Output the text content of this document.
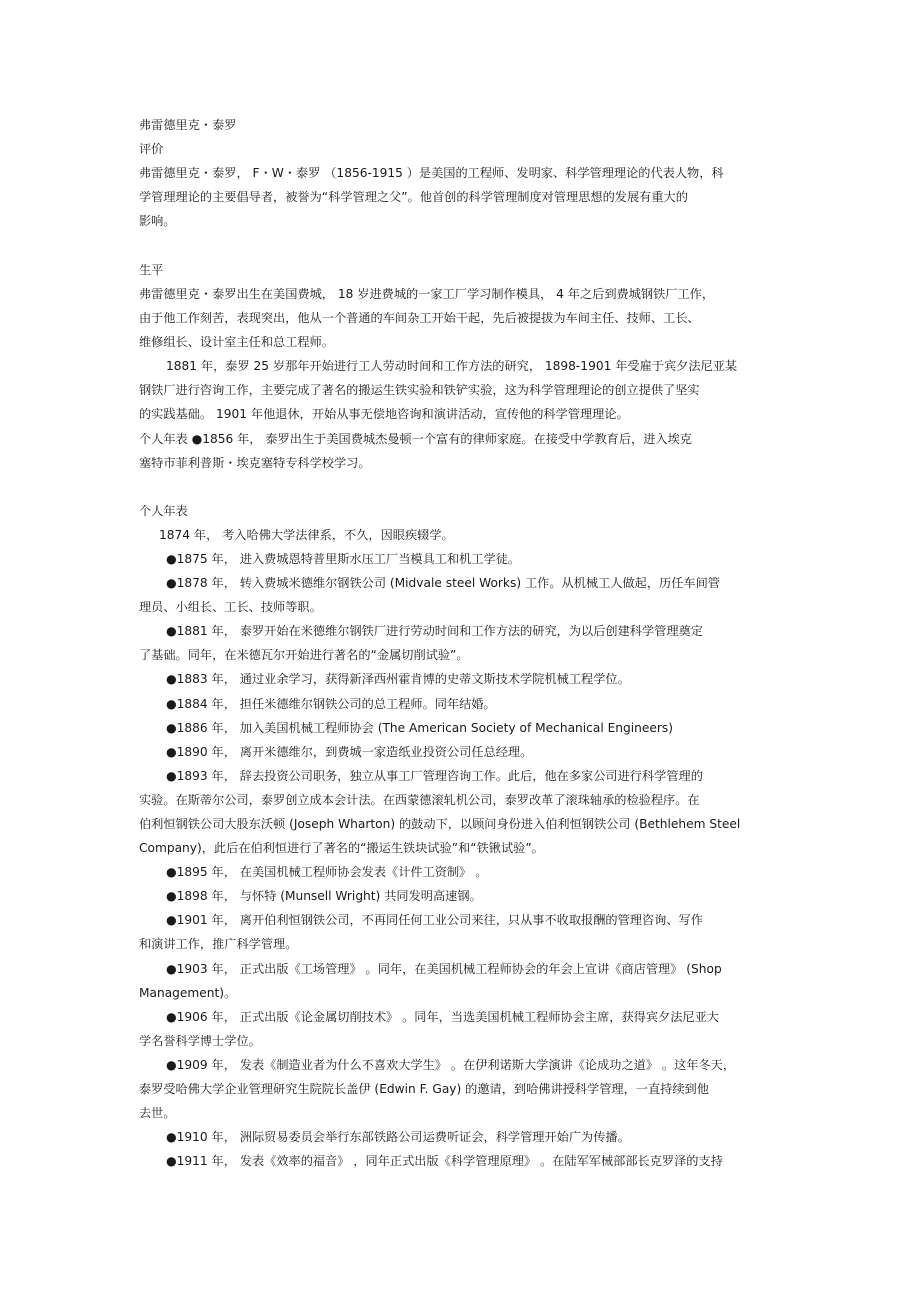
弗雷德里克・泰罗
评价
弗雷德里克・泰罗， F・W・泰罗 （1856-1915 ）是美国的工程师、发明家、科学管理理论的代表人物，科
学管理理论的主要倡导者，被誉为“科学管理之父”。他首创的科学管理制度对管理思想的发展有重大的
影响。
生平
弗雷德里克・泰罗出生在美国费城， 18 岁进费城的一家工厂学习制作模具， 4 年之后到费城钢铁厂工作，
由于他工作刻苦，表现突出，他从一个普通的车间杂工开始干起，先后被提拔为车间主任、技师、工长、
维修组长、设计室主任和总工程师。
1881 年，泰罗 25 岁那年开始进行工人劳动时间和工作方法的研究， 1898-1901 年受雇于宾夕法尼亚某
钢铁厂进行咨询工作，主要完成了著名的搬运生铁实验和铁铲实验，这为科学管理理论的创立提供了坚实
的实践基础。 1901 年他退休，开始从事无偿地咨询和演讲活动，宣传他的科学管理理论。
个人年表 ●1856 年， 泰罗出生于美国费城杰曼顿一个富有的律师家庭。在接受中学教育后，进入埃克
塞特市菲利普斯・埃克塞特专科学校学习。
个人年表
1874 年， 考入哈佛大学法律系，不久，因眼疾辍学。
●1875 年， 进入费城恩特普里斯水压工厂当模具工和机工学徒。
●1878 年， 转入费城米德维尔钢铁公司 (Midvale steel Works) 工作。从机械工人做起，历任车间管
理员、小组长、工长、技师等职。
●1881 年， 泰罗开始在米德维尔钢铁厂进行劳动时间和工作方法的研究，为以后创建科学管理奠定
了基础。同年，在米德瓦尔开始进行著名的“金属切削试验”。
●1883 年， 通过业余学习，获得新泽西州霍肯博的史蒂文斯技术学院机械工程学位。
●1884 年， 担任米德维尔钢铁公司的总工程师。同年结婚。
●1886 年， 加入美国机械工程师协会 (The American Society of Mechanical Engineers)
●1890 年， 离开米德维尔，到费城一家造纸业投资公司任总经理。
●1893 年， 辞去投资公司职务，独立从事工厂管理咨询工作。此后，他在多家公司进行科学管理的
实验。在斯蒂尔公司，泰罗创立成本会计法。在西蒙德滚轧机公司，泰罗改革了滚珠轴承的检验程序。在
伯利恒钢铁公司大股东沃顿 (Joseph Wharton) 的鼓动下，以顾问身份进入伯利恒钢铁公司 (Bethlehem Steel
Company)，此后在伯利恒进行了著名的“搬运生铁块试验”和“铁锹试验”。
●1895 年， 在美国机械工程师协会发表《计件工资制》 。
●1898 年， 与怀特 (Munsell Wright) 共同发明高速钢。
●1901 年， 离开伯利恒钢铁公司，不再同任何工业公司来往，只从事不收取报酬的管理咨询、写作
和演讲工作，推广科学管理。
●1903 年， 正式出版《工场管理》 。同年，在美国机械工程师协会的年会上宣讲《商店管理》 (Shop
Management)。
●1906 年， 正式出版《论金属切削技术》 。同年，当选美国机械工程师协会主席，获得宾夕法尼亚大
学名誉科学博士学位。
●1909 年， 发表《制造业者为什么不喜欢大学生》 。在伊利诺斯大学演讲《论成功之道》 。这年冬天，
泰罗受哈佛大学企业管理研究生院院长盖伊 (Edwin F. Gay) 的邀请，到哈佛讲授科学管理，一直持续到他
去世。
●1910 年， 洲际贸易委员会举行东部铁路公司运费听证会，科学管理开始广为传播。
●1911 年， 发表《效率的福音》 ，同年正式出版《科学管理原理》 。在陆军军械部部长克罗泽的支持
